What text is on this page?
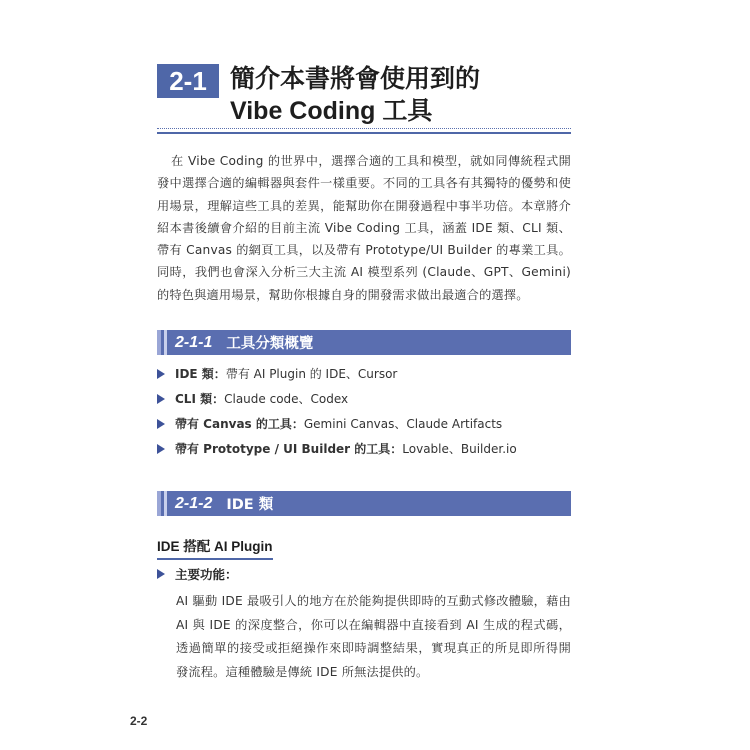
2-1 簡介本書將會使用到的
Vibe Coding 工具
在 Vibe Coding 的世界中，選擇合適的工具和模型，就如同傳統程式開發中選擇合適的編輯器與套件一樣重要。不同的工具各有其獨特的優勢和使用場景，理解這些工具的差異，能幫助你在開發過程中事半功倍。本章將介紹本書後續會介紹的目前主流 Vibe Coding 工具，涵蓋 IDE 類、CLI 類、帶有 Canvas 的網頁工具，以及帶有 Prototype/UI Builder 的專業工具。同時，我們也會深入分析三大主流 AI 模型系列 (Claude、GPT、Gemini) 的特色與適用場景，幫助你根據自身的開發需求做出最適合的選擇。
2-1-1 工具分類概覽
IDE 類： 帶有 AI Plugin 的 IDE、Cursor
CLI 類： Claude code、Codex
帶有 Canvas 的工具： Gemini Canvas、Claude Artifacts
帶有 Prototype / UI Builder 的工具： Lovable、Builder.io
2-1-2 IDE 類
IDE 搭配 AI Plugin
主要功能：
AI 驅動 IDE 最吸引人的地方在於能夠提供即時的互動式修改體驗，藉由 AI 與 IDE 的深度整合，你可以在編輯器中直接看到 AI 生成的程式碼，透過簡單的接受或拒絕操作來即時調整結果，實現真正的所見即所得開發流程。這種體驗是傳統 IDE 所無法提供的。
2-2
